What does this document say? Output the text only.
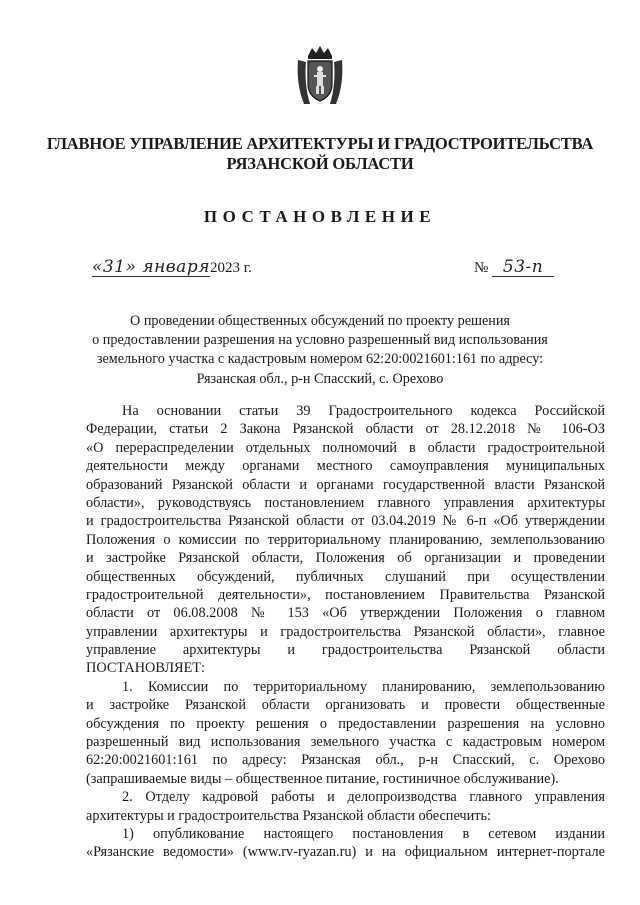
ГЛАВНОЕ УПРАВЛЕНИЕ АРХИТЕКТУРЫ И ГРАДОСТРОИТЕЛЬСТВА
РЯЗАНСКОЙ ОБЛАСТИ
ПОСТАНОВЛЕНИЕ
«31» января2023 г.	№ 53-п
О проведении общественных обсуждений по проекту решения
о предоставлении разрешения на условно разрешенный вид использования
земельного участка с кадастровым номером 62:20:0021601:161 по адресу:
Рязанская обл., р-н Спасский, с. Орехово
На основании статьи 39 Градостроительного кодекса Российской
Федерации, статьи 2 Закона Рязанской области от 28.12.2018 № 106-ОЗ
«О перераспределении отдельных полномочий в области градостроительной
деятельности между органами местного самоуправления муниципальных
образований Рязанской области и органами государственной власти Рязанской
области», руководствуясь постановлением главного управления архитектуры
и градостроительства Рязанской области от 03.04.2019 № 6-п «Об утверждении
Положения о комиссии по территориальному планированию, землепользованию
и застройке Рязанской области, Положения об организации и проведении
общественных обсуждений, публичных слушаний при осуществлении
градостроительной деятельности», постановлением Правительства Рязанской
области от 06.08.2008 № 153 «Об утверждении Положения о главном
управлении архитектуры и градостроительства Рязанской области», главное
управление архитектуры и градостроительства Рязанской области
ПОСТАНОВЛЯЕТ:
1. Комиссии по территориальному планированию, землепользованию
и застройке Рязанской области организовать и провести общественные
обсуждения по проекту решения о предоставлении разрешения на условно
разрешенный вид использования земельного участка с кадастровым номером
62:20:0021601:161 по адресу: Рязанская обл., р-н Спасский, с. Орехово
(запрашиваемые виды – общественное питание, гостиничное обслуживание).
2. Отделу кадровой работы и делопроизводства главного управления
архитектуры и градостроительства Рязанской области обеспечить:
1) опубликование настоящего постановления в сетевом издании
«Рязанские ведомости» (www.rv-ryazan.ru) и на официальном интернет-портале
